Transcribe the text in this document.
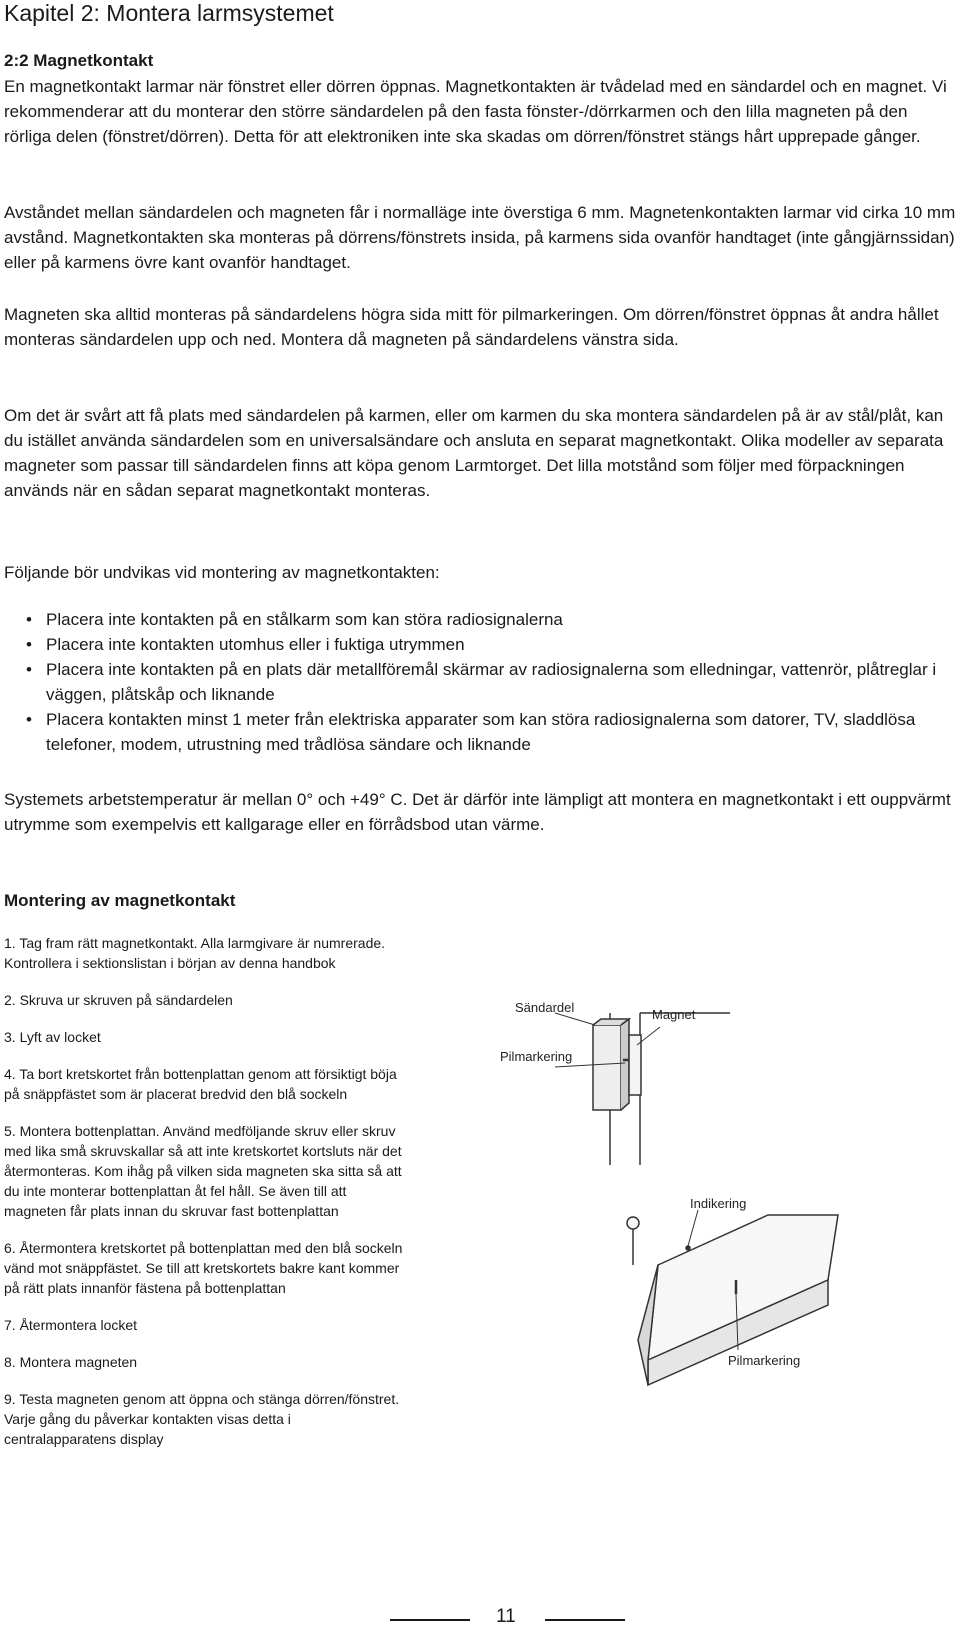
Kapitel 2: Montera larmsystemet
2:2 Magnetkontakt

En magnetkontakt larmar när fönstret eller dörren öppnas. Magnetkontakten är tvådelad med en sändardel och en magnet. Vi rekommenderar att du monterar den större sändardelen på den fasta fönster-/dörrkarmen och den lilla magneten på den rörliga delen (fönstret/dörren). Detta för att elektroniken inte ska skadas om dörren/fönstret stängs hårt upprepade gånger.

Avståndet mellan sändardelen och magneten får i normalläge inte överstiga 6 mm. Magnetenkontakten larmar vid cirka 10 mm avstånd. Magnetkontakten ska monteras på dörrens/fönstrets insida, på karmens sida ovanför handtaget (inte gångjärnssidan) eller på karmens övre kant ovanför handtaget.

Magneten ska alltid monteras på sändardelens högra sida mitt för pilmarkeringen. Om dörren/fönstret öppnas åt andra hållet monteras sändardelen upp och ned. Montera då magneten på sändardelens vänstra sida.

Om det är svårt att få plats med sändardelen på karmen, eller om karmen du ska montera sändardelen på är av stål/plåt, kan du istället använda sändardelen som en universalsändare och ansluta en separat magnetkontakt. Olika modeller av separata magneter som passar till sändardelen finns att köpa genom Larmtorget. Det lilla motstånd som följer med förpackningen används när en sådan separat magnetkontakt monteras.

Följande bör undvikas vid montering av magnetkontakten:

• Placera inte kontakten på en stålkarm som kan störa radiosignalerna
• Placera inte kontakten utomhus eller i fuktiga utrymmen
• Placera inte kontakten på en plats där metallföremål skärmar av radiosignalerna som elledningar, vattenrör, plåtreglar i väggen, plåtskåp och liknande
• Placera kontakten minst 1 meter från elektriska apparater som kan störa radiosignalerna som datorer, TV, sladdlösa telefoner, modem, utrustning med trådlösa sändare och liknande

Systemets arbetstemperatur är mellan 0° och +49° C. Det är därför inte lämpligt att montera en magnetkontakt i ett ouppvärmt utrymme som exempelvis ett kallgarage eller en förrådsbod utan värme.

Montering av magnetkontakt

1. Tag fram rätt magnetkontakt. Alla larmgivare är numrerade. Kontrollera i sektionslistan i början av denna handbok

2. Skruva ur skruven på sändardelen

3. Lyft av locket

4. Ta bort kretskortet från bottenplattan genom att försiktigt böja på snäppfästet som är placerat bredvid den blå sockeln

5. Montera bottenplattan. Använd medföljande skruv eller skruv med lika små skruvskallar så att inte kretskortet kortsluts när det återmonteras. Kom ihåg på vilken sida magneten ska sitta så att du inte monterar bottenplattan åt fel håll. Se även till att magneten får plats innan du skruvar fast bottenplattan

6. Återmontera kretskortet på bottenplattan med den blå sockeln vänd mot snäppfästet. Se till att kretskortets bakre kant kommer på rätt plats innanför fästena på bottenplattan

7. Återmontera locket

8. Montera magneten

9. Testa magneten genom att öppna och stänga dörren/fönstret. Varje gång du påverkar kontakten visas detta i centralapparatens display

Sändardel	Magnet
Pilmarkering
Indikering
Pilmarkering
11
